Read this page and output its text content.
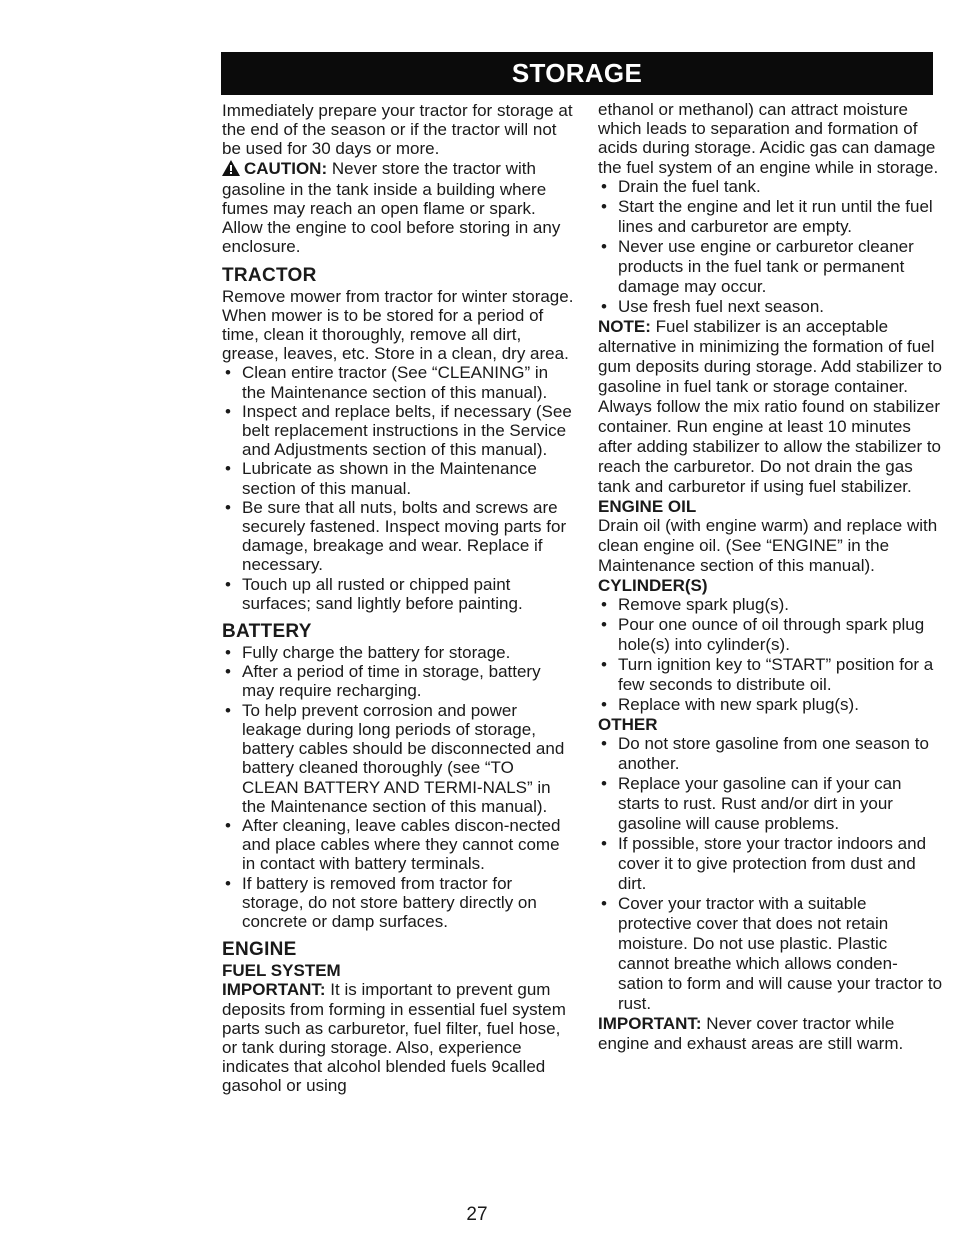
STORAGE

Immediately prepare your tractor for storage at the end of the season or if the tractor will not be used for 30 days or more.

CAUTION: Never store the tractor with gasoline in the tank inside a building where fumes may reach an open flame or spark. Allow the engine to cool before storing in any enclosure.

TRACTOR

Remove mower from tractor for winter storage. When mower is to be stored for a period of time, clean it thoroughly, remove all dirt, grease, leaves, etc. Store in a clean, dry area.

• Clean entire tractor (See “CLEANING” in the Maintenance section of this manual).
• Inspect and replace belts, if necessary (See belt replacement instructions in the Service and Adjustments section of this manual).
• Lubricate as shown in the Maintenance section of this manual.
• Be sure that all nuts, bolts and screws are securely fastened. Inspect moving parts for damage, breakage and wear. Replace if necessary.
• Touch up all rusted or chipped paint surfaces; sand lightly before painting.
BATTERY
• Fully charge the battery for storage.
• After a period of time in storage, battery may require recharging.
• To help prevent corrosion and power leakage during long periods of storage, battery cables should be disconnected and battery cleaned thoroughly (see “TO CLEAN BATTERY AND TERMI-NALS” in the Maintenance section of this manual).
• After cleaning, leave cables discon-nected and place cables where they cannot come in contact with battery terminals.
• If battery is removed from tractor for storage, do not store battery directly on concrete or damp surfaces.
ENGINE
FUEL SYSTEM

IMPORTANT: It is important to prevent gum deposits from forming in essential fuel system parts such as carburetor, fuel filter, fuel hose, or tank during storage. Also, experience indicates that alcohol blended fuels 9called gasohol or using

ethanol or methanol) can attract moisture which leads to separation and formation of acids during storage. Acidic gas can damage the fuel system of an engine while in storage.

• Drain the fuel tank.
• Start the engine and let it run until the fuel lines and carburetor are empty.
• Never use engine or carburetor cleaner products in the fuel tank or permanent damage may occur.
• Use fresh fuel next season.

NOTE: Fuel stabilizer is an acceptable alternative in minimizing the formation of fuel gum deposits during storage. Add stabilizer to gasoline in fuel tank or storage container. Always follow the mix ratio found on stabilizer container. Run engine at least 10 minutes after adding stabilizer to allow the stabilizer to reach the carburetor. Do not drain the gas tank and carburetor if using fuel stabilizer.

ENGINE OIL

Drain oil (with engine warm) and replace with clean engine oil. (See “ENGINE” in the Maintenance section of this manual).

CYLINDER(S)
• Remove spark plug(s).
• Pour one ounce of oil through spark plug hole(s) into cylinder(s).
• Turn ignition key to “START” position for a few seconds to distribute oil.
• Replace with new spark plug(s).
OTHER
• Do not store gasoline from one season to another.
• Replace your gasoline can if your can starts to rust. Rust and/or dirt in your gasoline will cause problems.
• If possible, store your tractor indoors and cover it to give protection from dust and dirt.
• Cover your tractor with a suitable protective cover that does not retain moisture. Do not use plastic. Plastic cannot breathe which allows conden-sation to form and will cause your tractor to rust.

IMPORTANT: Never cover tractor while engine and exhaust areas are still warm.

27
